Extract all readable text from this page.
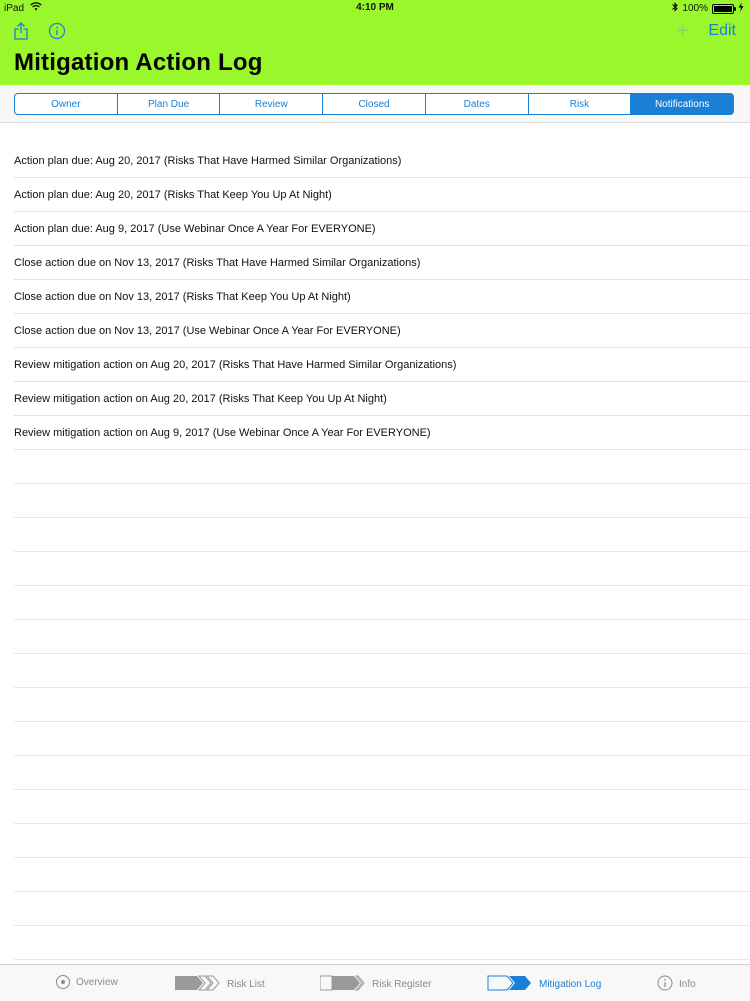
iPad	4:10 PM	100%
+ Edit
Mitigation Action Log
Owner	Plan Due	Review	Closed	Dates	Risk	Notifications
Action plan due: Aug 20, 2017 (Risks That Have Harmed Similar Organizations)
Action plan due: Aug 20, 2017 (Risks That Keep You Up At Night)
Action plan due: Aug 9, 2017 (Use Webinar Once A Year For EVERYONE)
Close action due on Nov 13, 2017 (Risks That Have Harmed Similar Organizations)
Close action due on Nov 13, 2017 (Risks That Keep You Up At Night)
Close action due on Nov 13, 2017 (Use Webinar Once A Year For EVERYONE)
Review mitigation action on Aug 20, 2017 (Risks That Have Harmed Similar Organizations)
Review mitigation action on Aug 20, 2017 (Risks That Keep You Up At Night)
Review mitigation action on Aug 9, 2017 (Use Webinar Once A Year For EVERYONE)
Overview	Risk List	Risk Register	Mitigation Log	Info
